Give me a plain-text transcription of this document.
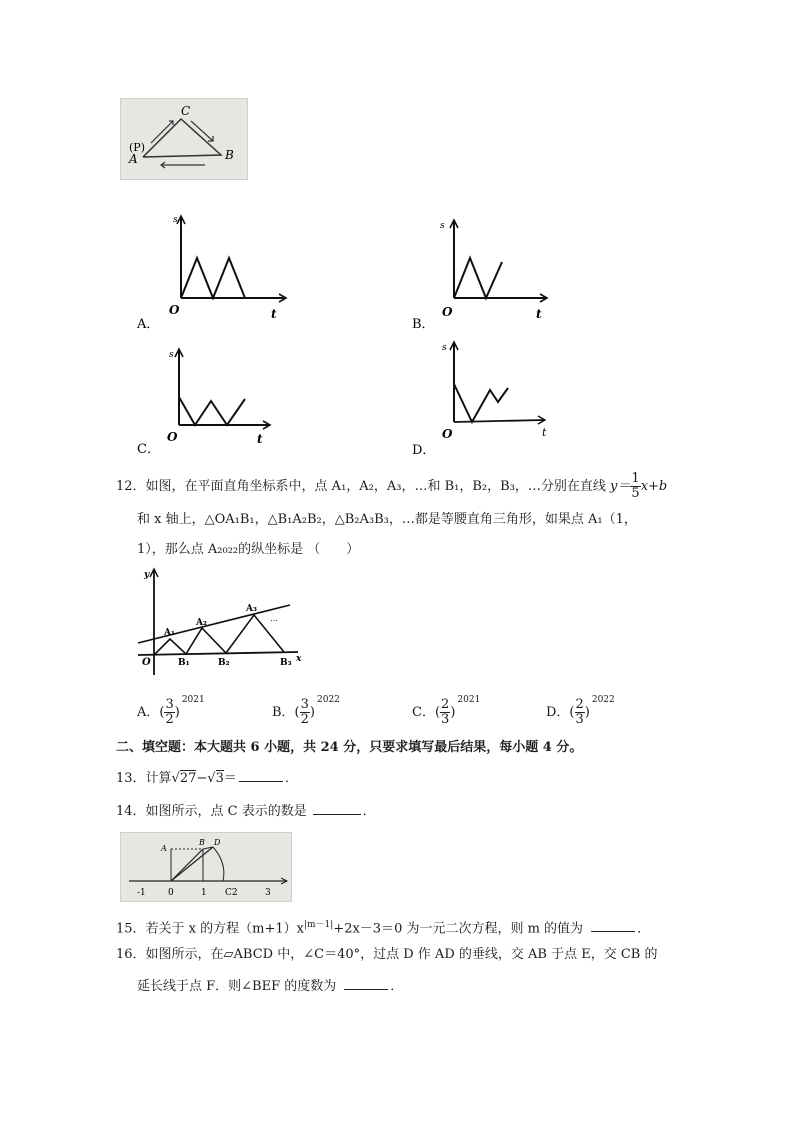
C
B
A
(P)
s
O	t
A．
s
O	t
B．
s
O	t
C．
s
O	t
D．
12．如图，在平面直角坐标系中，点 A₁，A₂，A₃，…和 B₁，B₂，B₃，…分别在直线 $y= \frac{1}{5} x+b$
和 x 轴上，△OA₁B₁，△B₁A₂B₂，△B₂A₃B₃，…都是等腰直角三角形，如果点 A₁（1，
1），那么点 A₂₀₂₂的纵坐标是 （　　）
y
x
O
A₁
A₂
A₃
B₁	B₂	B₃
⋯
A．( $\frac{3}{2} )^{2021}$
B．( $\frac{3}{2} )^{2022}$
C．( $\frac{2}{3} )^{2021}$
D．( $\frac{2}{3} )^{2022}$
二、填空题：本大题共 6 小题，共 24 分，只要求填写最后结果，每小题 4 分。
13．计算√27−√3＝	．
14．如图所示，点 C 表示的数是	．
-1 0	1 C2	3
A
B D
15．若关于 x 的方程$(m+1)x^{|m-1|}+2x-3=0$ 为一元二次方程，则 m 的值为	．
16．如图所示，在▱ABCD 中，∠C＝40°，过点 D 作 AD 的垂线，交 AB 于点 E，交 CB 的
延长线于点 F．则∠BEF 的度数为	．
